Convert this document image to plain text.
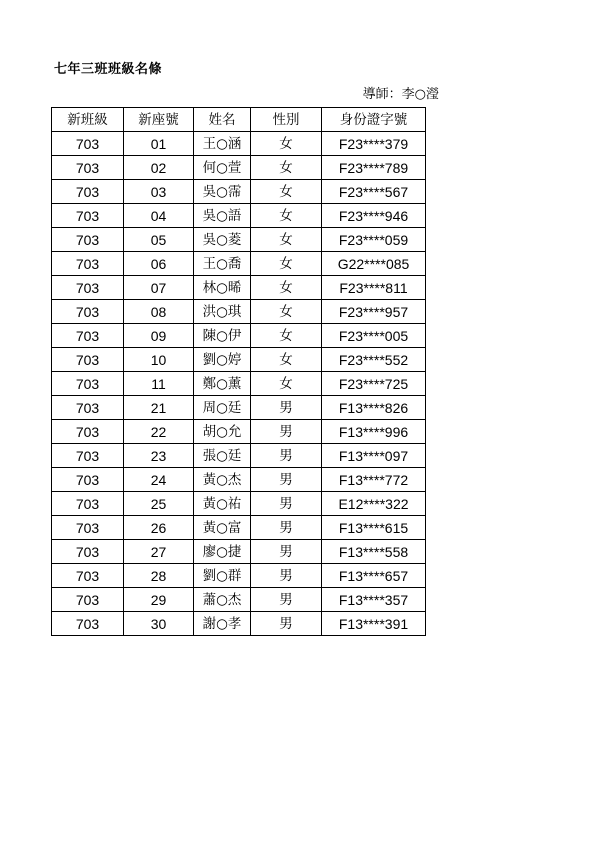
七年三班班級名條
導師：李○瀅
新班級	新座號	姓名	性別	身份證字號
703	01	王○涵	女	F23****379
703	02	何○萱	女	F23****789
703	03	吳○霈	女	F23****567
703	04	吳○語	女	F23****946
703	05	吳○菱	女	F23****059
703	06	王○喬	女	G22****085
703	07	林○晞	女	F23****811
703	08	洪○琪	女	F23****957
703	09	陳○伊	女	F23****005
703	10	劉○婷	女	F23****552
703	11	鄭○薰	女	F23****725
703	21	周○廷	男	F13****826
703	22	胡○允	男	F13****996
703	23	張○廷	男	F13****097
703	24	黃○杰	男	F13****772
703	25	黃○祐	男	E12****322
703	26	黃○富	男	F13****615
703	27	廖○捷	男	F13****558
703	28	劉○群	男	F13****657
703	29	蕭○杰	男	F13****357
703	30	謝○孝	男	F13****391
